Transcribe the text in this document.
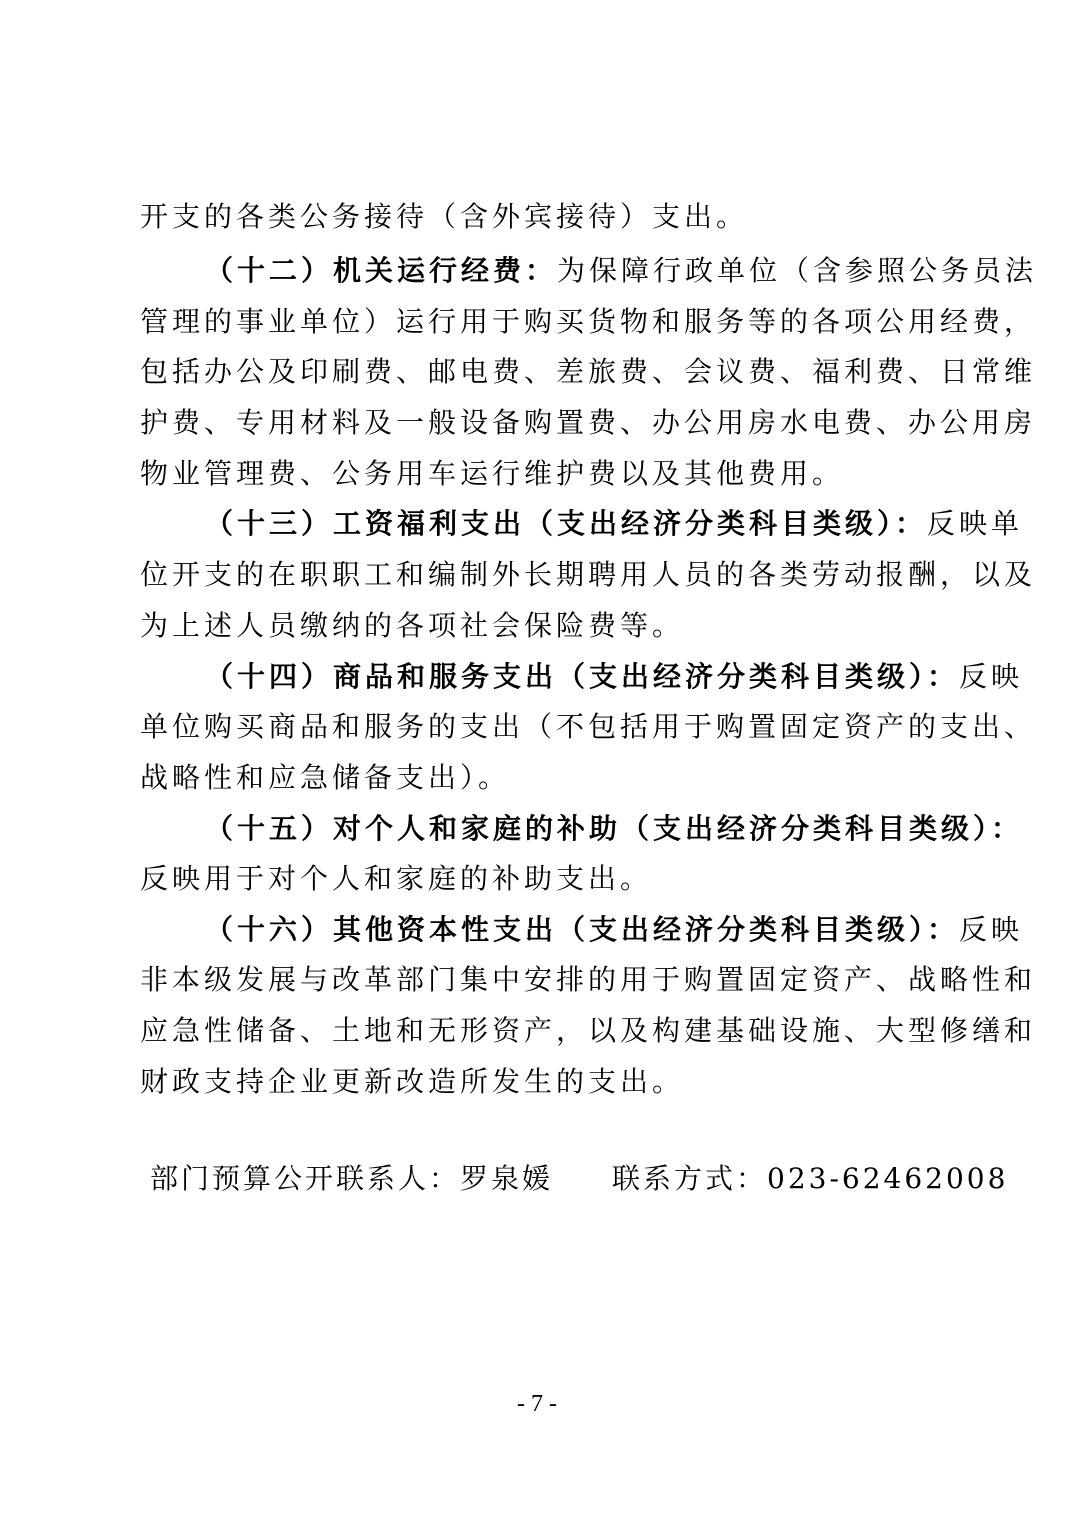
开支的各类公务接待（含外宾接待）支出。
（十二）机关运行经费：为保障行政单位（含参照公务员法
管理的事业单位）运行用于购买货物和服务等的各项公用经费，
包括办公及印刷费、邮电费、差旅费、会议费、福利费、日常维
护费、专用材料及一般设备购置费、办公用房水电费、办公用房
物业管理费、公务用车运行维护费以及其他费用。
（十三）工资福利支出（支出经济分类科目类级）：反映单
位开支的在职职工和编制外长期聘用人员的各类劳动报酬，以及
为上述人员缴纳的各项社会保险费等。
（十四）商品和服务支出（支出经济分类科目类级）：反映
单位购买商品和服务的支出（不包括用于购置固定资产的支出、
战略性和应急储备支出）。
（十五）对个人和家庭的补助（支出经济分类科目类级）：
反映用于对个人和家庭的补助支出。
（十六）其他资本性支出（支出经济分类科目类级）：反映
非本级发展与改革部门集中安排的用于购置固定资产、战略性和
应急性储备、土地和无形资产，以及构建基础设施、大型修缮和
财政支持企业更新改造所发生的支出。
部门预算公开联系人：罗泉媛 联系方式：023-62462008
- 7 -
